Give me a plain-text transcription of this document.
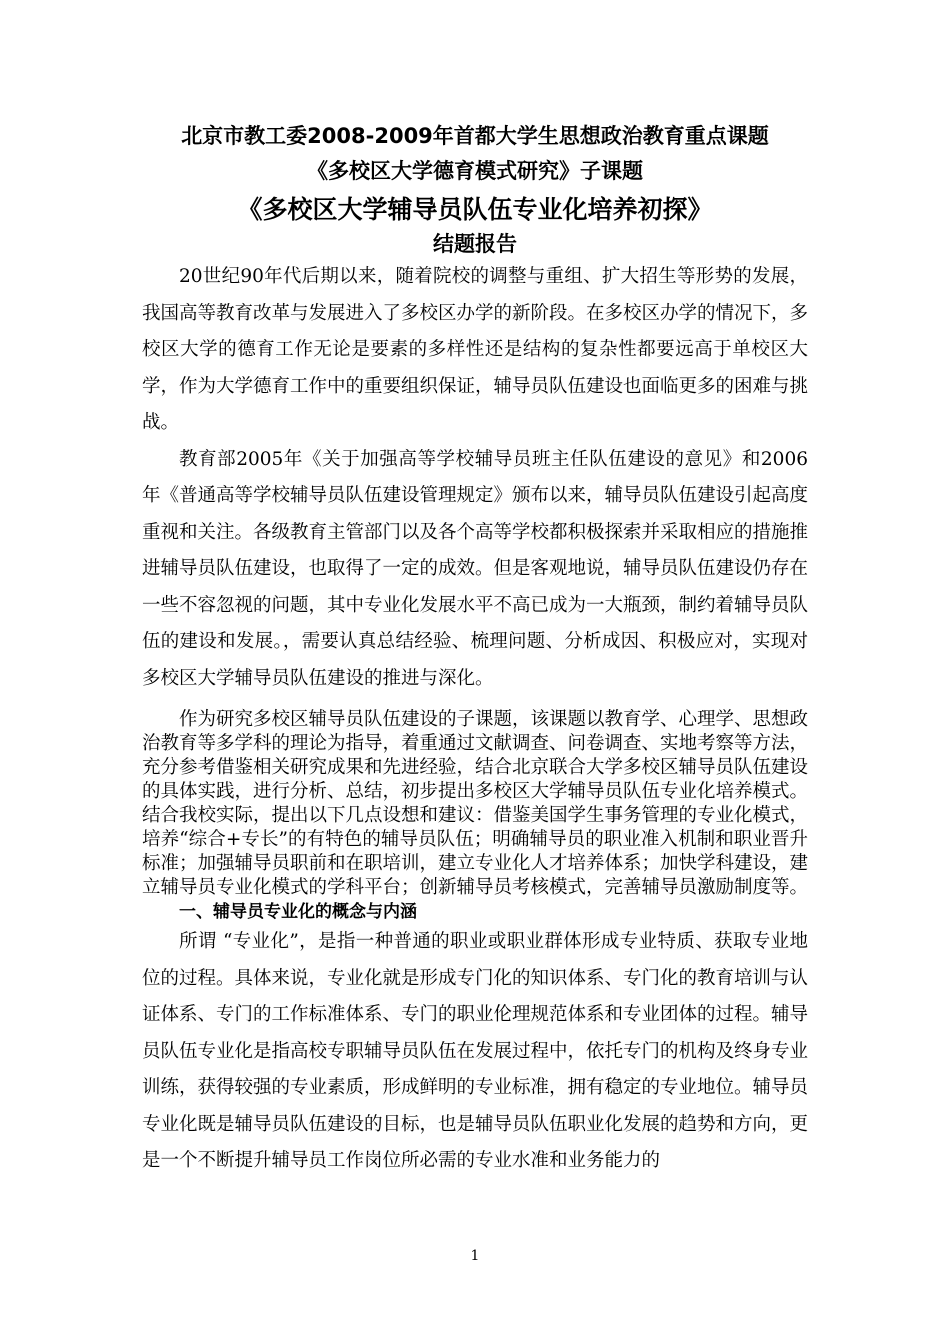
北京市教工委2008-2009年首都大学生思想政治教育重点课题
《多校区大学德育模式研究》子课题
《多校区大学辅导员队伍专业化培养初探》
结题报告

20世纪90年代后期以来，随着院校的调整与重组、扩大招生等形势的发展，我国高等教育改革与发展进入了多校区办学的新阶段。在多校区办学的情况下，多校区大学的德育工作无论是要素的多样性还是结构的复杂性都要远高于单校区大学，作为大学德育工作中的重要组织保证，辅导员队伍建设也面临更多的困难与挑战。

教育部2005年《关于加强高等学校辅导员班主任队伍建设的意见》和2006年《普通高等学校辅导员队伍建设管理规定》颁布以来，辅导员队伍建设引起高度重视和关注。各级教育主管部门以及各个高等学校都积极探索并采取相应的措施推进辅导员队伍建设，也取得了一定的成效。但是客观地说，辅导员队伍建设仍存在一些不容忽视的问题，其中专业化发展水平不高已成为一大瓶颈，制约着辅导员队伍的建设和发展。，需要认真总结经验、梳理问题、分析成因、积极应对，实现对多校区大学辅导员队伍建设的推进与深化。

作为研究多校区辅导员队伍建设的子课题，该课题以教育学、心理学、思想政治教育等多学科的理论为指导，着重通过文献调查、问卷调查、实地考察等方法，充分参考借鉴相关研究成果和先进经验，结合北京联合大学多校区辅导员队伍建设的具体实践，进行分析、总结，初步提出多校区大学辅导员队伍专业化培养模式。结合我校实际，提出以下几点设想和建议：借鉴美国学生事务管理的专业化模式，培养“综合+专长”的有特色的辅导员队伍；明确辅导员的职业准入机制和职业晋升标准；加强辅导员职前和在职培训，建立专业化人才培养体系；加快学科建设，建立辅导员专业化模式的学科平台；创新辅导员考核模式，完善辅导员激励制度等。

一、辅导员专业化的概念与内涵

所谓 “专业化”，是指一种普通的职业或职业群体形成专业特质、获取专业地位的过程。具体来说，专业化就是形成专门化的知识体系、专门化的教育培训与认证体系、专门的工作标准体系、专门的职业伦理规范体系和专业团体的过程。辅导员队伍专业化是指高校专职辅导员队伍在发展过程中，依托专门的机构及终身专业训练，获得较强的专业素质，形成鲜明的专业标准，拥有稳定的专业地位。辅导员专业化既是辅导员队伍建设的目标，也是辅导员队伍职业化发展的趋势和方向，更是一个不断提升辅导员工作岗位所必需的专业水准和业务能力的

1
